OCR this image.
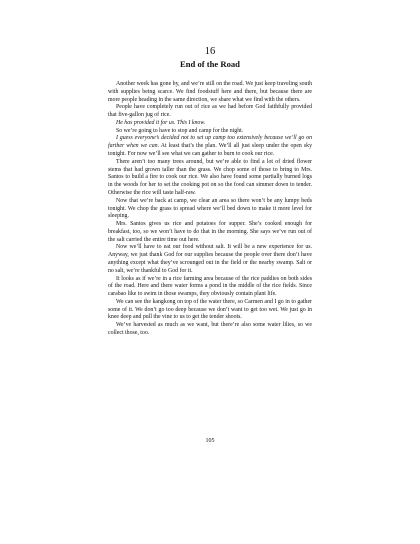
16
End of the Road

Another week has gone by, and we’re still on the road. We just keep traveling south with supplies being scarce. We find foodstuff here and there, but because there are more people heading in the same direction, we share what we find with the others.

People have completely run out of rice as we had before God faithfully provided that five-gallon jug of rice.

He has provided it for us. This I know.

So we’re going to have to stop and camp for the night.

I guess everyone’s decided not to set up camp too extensively because we’ll go on farther when we can. At least that’s the plan. We’ll all just sleep under the open sky tonight. For now we’ll see what we can gather to burn to cook our rice.

There aren’t too many trees around, but we’re able to find a lot of dried flower stems that had grown taller than the grass. We chop some of those to bring to Mrs. Santos to build a fire to cook our rice. We also have found some partially burned logs in the woods for her to set the cooking pot on so the food can simmer down to tender. Otherwise the rice will taste half-raw.

Now that we’re back at camp, we clear an area so there won’t be any lumpy beds tonight. We chop the grass to spread where we’ll bed down to make it more level for sleeping.

Mrs. Santos gives us rice and potatoes for supper. She’s cooked enough for breakfast, too, so we won’t have to do that in the morning. She says we’ve run out of the salt carried the entire time out here.

Now we’ll have to eat our food without salt. It will be a new experience for us. Anyway, we just thank God for our supplies because the people over there don’t have anything except what they’ve scrounged out in the field or the nearby swamp. Salt or no salt, we’re thankful to God for it.

It looks as if we’re in a rice farming area because of the rice paddies on both sides of the road. Here and there water forms a pond in the middle of the rice fields. Since carabao like to swim in those swamps, they obviously contain plant life.

We can see the kangkong on top of the water there, so Carmen and I go in to gather some of it. We don’t go too deep because we don’t want to get too wet. We just go in knee deep and pull the vine to us to get the tender shoots.

We’ve harvested as much as we want, but there’re also some water lilies, so we collect those, too.

105
